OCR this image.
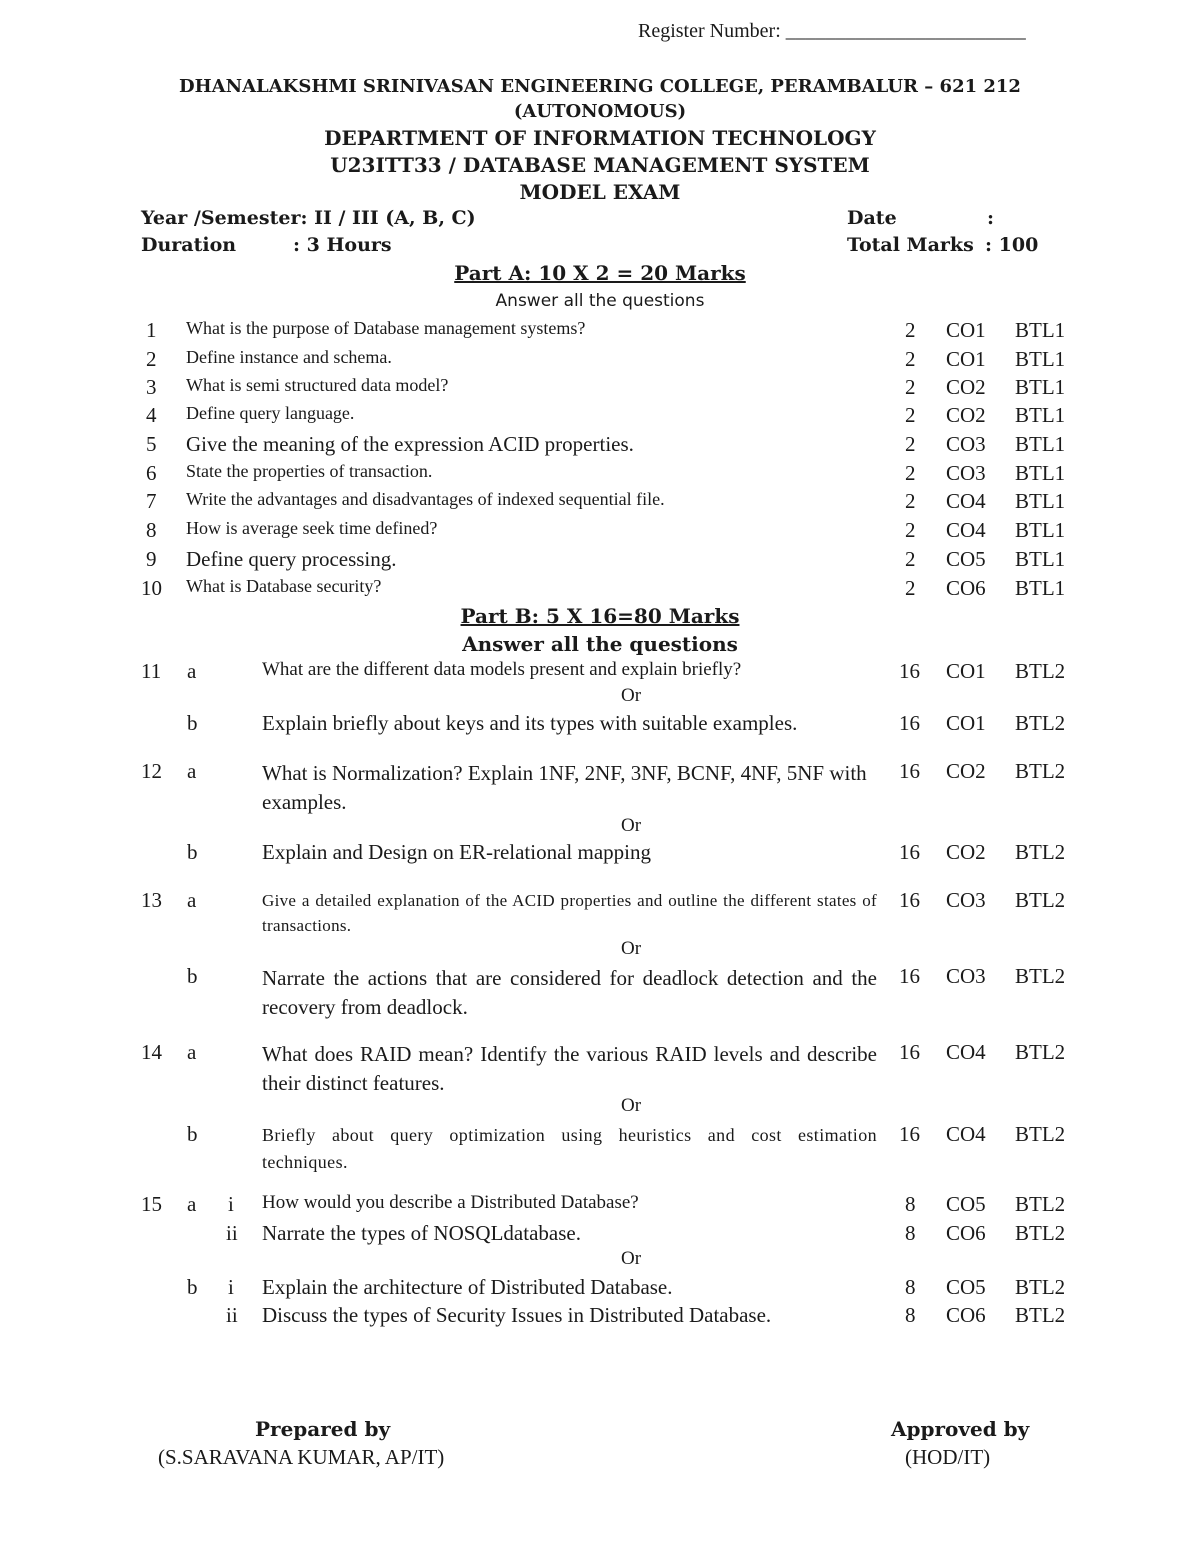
Register Number: ________________________
DHANALAKSHMI SRINIVASAN ENGINEERING COLLEGE, PERAMBALUR – 621 212
(AUTONOMOUS)
DEPARTMENT OF INFORMATION TECHNOLOGY
U23ITT33 / DATABASE MANAGEMENT SYSTEM
MODEL EXAM
Year /Semester: II / III (A, B, C)	Date	:
Duration	: 3 Hours	Total Marks : 100
Part A: 10 X 2 = 20 Marks
Answer all the questions
1 What is the purpose of Database management systems?	2 CO1 BTL1
2 Define instance and schema.	2 CO1 BTL1
3 What is semi structured data model?	2 CO2 BTL1
4 Define query language.	2 CO2 BTL1
5 Give the meaning of the expression ACID properties.	2 CO3 BTL1
6 State the properties of transaction.	2 CO3 BTL1
7 Write the advantages and disadvantages of indexed sequential file.	2 CO4 BTL1
8 How is average seek time defined?	2 CO4 BTL1
9 Define query processing.	2 CO5 BTL1
10 What is Database security?	2 CO6 BTL1
Part B: 5 X 16=80 Marks
Answer all the questions
11 a	What are the different data models present and explain briefly?	16 CO1 BTL2
Or
b	Explain briefly about keys and its types with suitable examples.	16 CO1 BTL2
12 a	What is Normalization? Explain 1NF, 2NF, 3NF, BCNF, 4NF, 5NF with examples.
16 CO2 BTL2
Or
b	Explain and Design on ER-relational mapping	16 CO2 BTL2
13 a	Give a detailed explanation of the ACID properties and outline the different states of transactions.
16 CO3 BTL2
Or
b	Narrate the actions that are considered for deadlock detection and the recovery from deadlock.
16 CO3 BTL2
14 a	What does RAID mean? Identify the various RAID levels and describe their distinct features.
16 CO4 BTL2
Or
b	Briefly about query optimization using heuristics and cost estimation techniques.
16 CO4 BTL2
15 a i How would you describe a Distributed Database?	8 CO5 BTL2
ii Narrate the types of NOSQLdatabase.	8 CO6 BTL2
Or
b i Explain the architecture of Distributed Database.	8 CO5 BTL2
ii Discuss the types of Security Issues in Distributed Database.	8 CO6 BTL2
Prepared by
(S.SARAVANA KUMAR, AP/IT)
Approved by
(HOD/IT)
